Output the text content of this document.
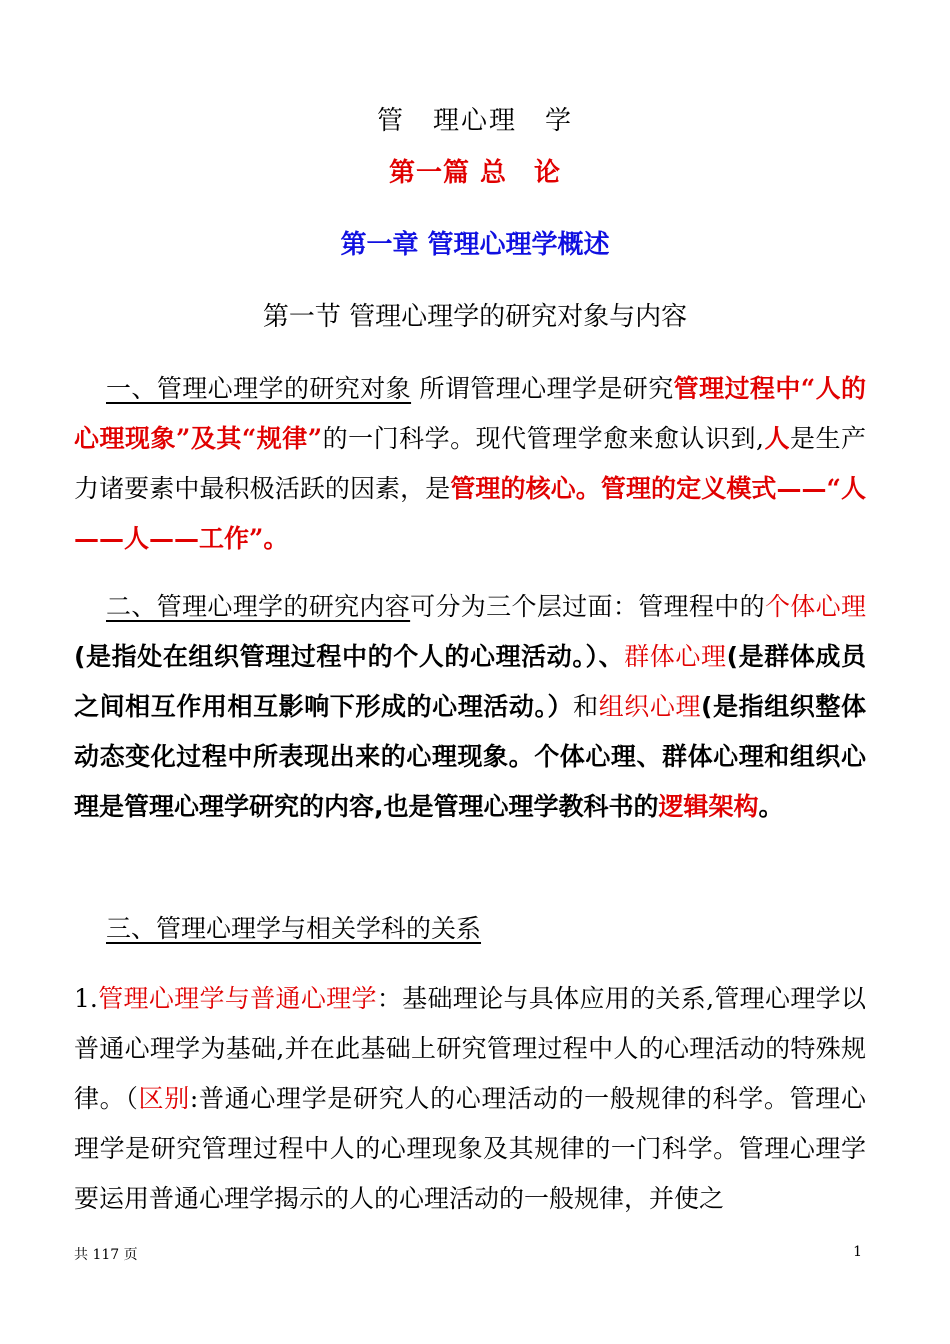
管　理心理　学
第一篇 总　论
第一章 管理心理学概述
第一节 管理心理学的研究对象与内容

一、管理心理学的研究对象 所谓管理心理学是研究管理过程中“人的心理现象”及其“规律”的一门科学。现代管理学愈来愈认识到,人是生产力诸要素中最积极活跃的因素，是管理的核心。管理的定义模式——“人——人——工作”。

二、管理心理学的研究内容可分为三个层过面：管理程中的个体心理(是指处在组织管理过程中的个人的心理活动。）、群体心理(是群体成员之间相互作用相互影响下形成的心理活动。）和组织心理(是指组织整体动态变化过程中所表现出来的心理现象。个体心理、群体心理和组织心理是管理心理学研究的内容,也是管理心理学教科书的逻辑架构。

三、管理心理学与相关学科的关系

1.管理心理学与普通心理学：基础理论与具体应用的关系,管理心理学以普通心理学为基础,并在此基础上研究管理过程中人的心理活动的特殊规律。（区别:普通心理学是研究人的心理活动的一般规律的科学。管理心理学是研究管理过程中人的心理现象及其规律的一门科学。管理心理学要运用普通心理学揭示的人的心理活动的一般规律，并使之

共 117 页	1
